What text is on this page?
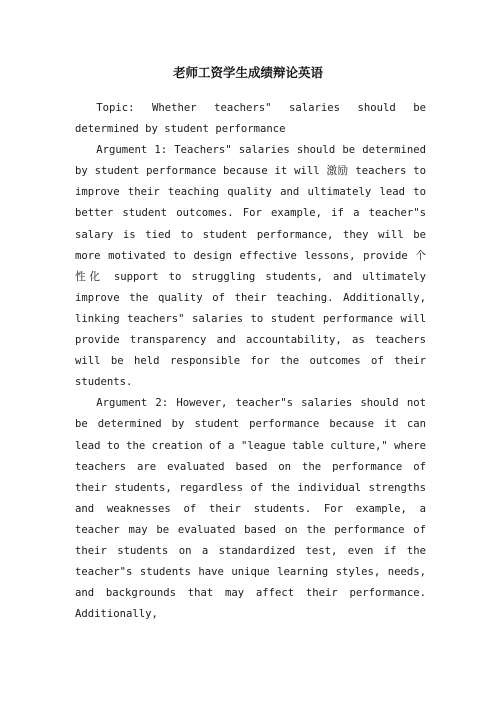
老师工资学生成绩辩论英语

Topic: Whether teachers" salaries should be determined by student performance

Argument 1: Teachers" salaries should be determined by student performance because it will 激励 teachers to improve their teaching quality and ultimately lead to better student outcomes. For example, if a teacher"s salary is tied to student performance, they will be more motivated to design effective lessons, provide 个性化 support to struggling students, and ultimately improve the quality of their teaching. Additionally, linking teachers" salaries to student performance will provide transparency and accountability, as teachers will be held responsible for the outcomes of their students.

Argument 2: However, teacher"s salaries should not be determined by student performance because it can lead to the creation of a "league table culture," where teachers are evaluated based on the performance of their students, regardless of the individual strengths and weaknesses of their students. For example, a teacher may be evaluated based on the performance of their students on a standardized test, even if the teacher"s students have unique learning styles, needs, and backgrounds that may affect their performance. Additionally,
